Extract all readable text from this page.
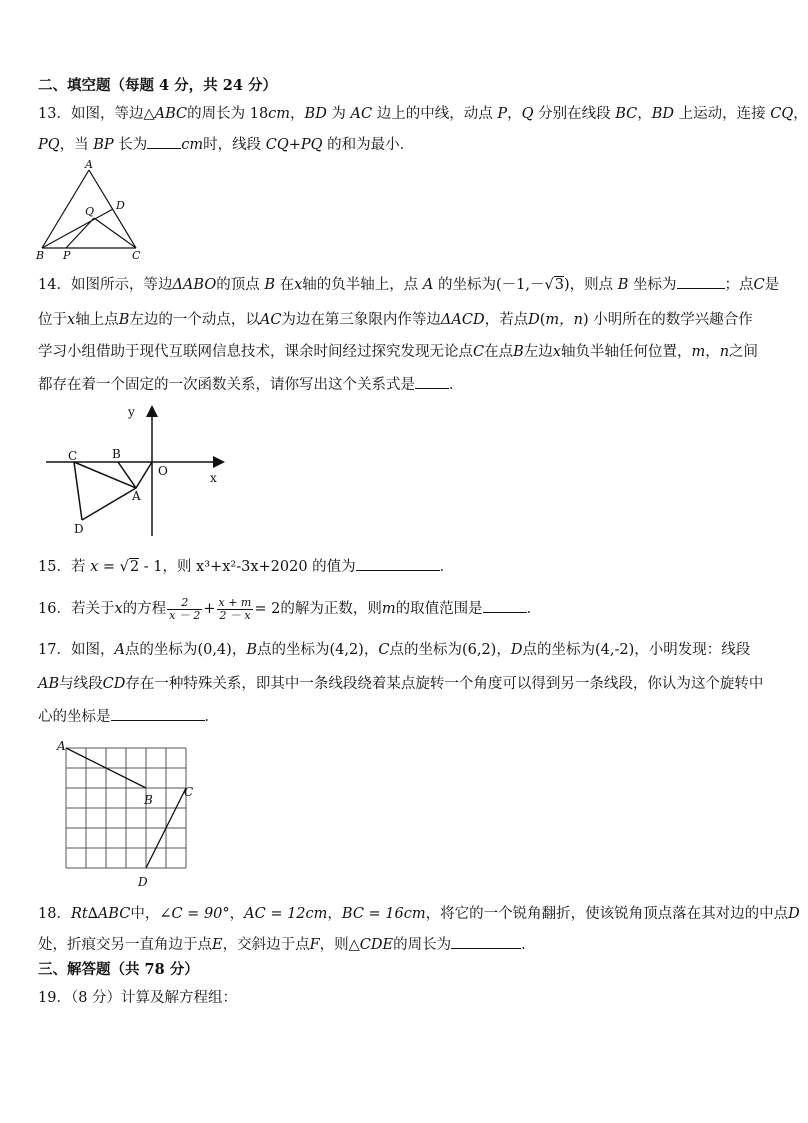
二、填空题（每题 4 分，共 24 分）
13．如图，等边△ABC的周长为 18cm，BD 为 AC 边上的中线，动点 P，Q 分别在线段 BC，BD 上运动，连接 CQ，
PQ，当 BP 长为 cm时，线段 CQ+PQ 的和为最小．
A
B	C
D
P
Q
14．如图所示，等边ΔABO的顶点 B 在x轴的负半轴上，点 A 的坐标为(－1,－√3)，则点 B 坐标为	；点C是
位于x轴上点B左边的一个动点，以AC为边在第三象限内作等边ΔACD，若点D(m，n) 小明所在的数学兴趣合作
学习小组借助于现代互联网信息技术，课余时间经过探究发现无论点C在点B左边x轴负半轴任何位置，m，n之间
都存在着一个固定的一次函数关系，请你写出这个关系式是 ．
y
x
O
A
B
C
D
15．若 x = √2 - 1，则 x³+x²-3x+2020 的值为	．
16．若关于x的方程 $\frac{2}{x - 2} + \frac{x + m}{2 - x} = 2$的解为正数，则m的取值范围是	．
17．如图，A点的坐标为(0,4)，B点的坐标为(4,2)，C点的坐标为(6,2)，D点的坐标为(4,-2)，小明发现：线段
AB与线段CD存在一种特殊关系，即其中一条线段绕着某点旋转一个角度可以得到另一条线段，你认为这个旋转中
心的坐标是	．
A
B
C
D
18．Rt∆ABC中，∠C = 90°，AC = 12cm，BC = 16cm，将它的一个锐角翻折，使该锐角顶点落在其对边的中点D
处，折痕交另一直角边于点E，交斜边于点F，则△CDE的周长为	．
三、解答题（共 78 分）
19．（8 分）计算及解方程组：
